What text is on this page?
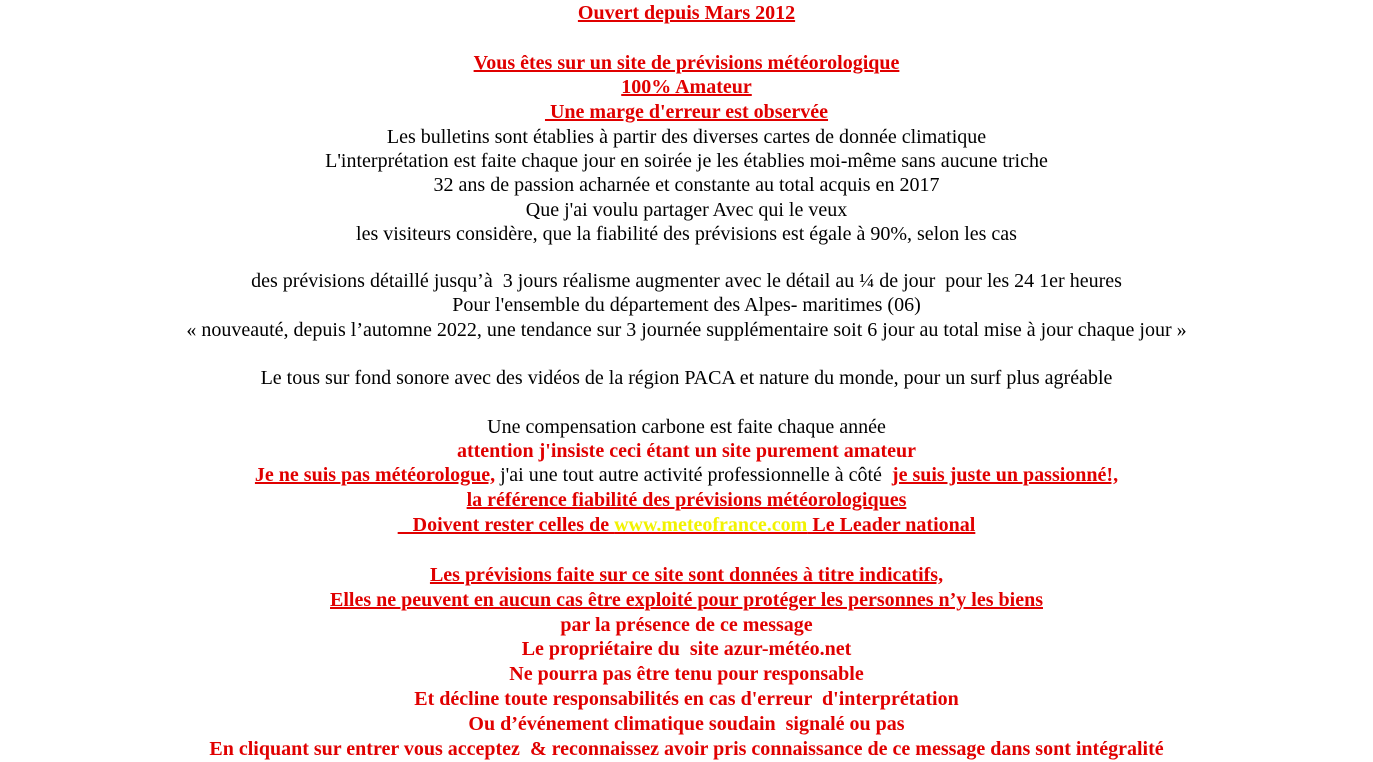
Ouvert depuis Mars 2012
Vous êtes sur un site de prévisions météorologique
100% Amateur
Une marge d'erreur est observée
Les bulletins sont établies à partir des diverses cartes de donnée climatique
L'interprétation est faite chaque jour en soirée je les établies moi-même sans aucune triche
32 ans de passion acharnée et constante au total acquis en 2017
Que j'ai voulu partager Avec qui le veux
les visiteurs considère, que la fiabilité des prévisions est égale à 90%, selon les cas
des prévisions détaillé jusqu’à  3 jours réalisme augmenter avec le détail au ¼ de jour  pour les 24 1er heures
Pour l'ensemble du département des Alpes- maritimes (06)
« nouveauté, depuis l’automne 2022, une tendance sur 3 journée supplémentaire soit 6 jour au total mise à jour chaque jour »
Le tous sur fond sonore avec des vidéos de la région PACA et nature du monde, pour un surf plus agréable
Une compensation carbone est faite chaque année
attention j'insiste ceci étant un site purement amateur
Je ne suis pas météorologue, j'ai une tout autre activité professionnelle à côté  je suis juste un passionné!,
la référence fiabilité des prévisions météorologiques
Doivent rester celles de www.meteofrance.com Le Leader national
Les prévisions faite sur ce site sont données à titre indicatifs,
Elles ne peuvent en aucun cas être exploité pour protéger les personnes n’y les biens
par la présence de ce message
Le propriétaire du  site azur-météo.net
Ne pourra pas être tenu pour responsable
Et décline toute responsabilités en cas d'erreur  d'interprétation
Ou d’événement climatique soudain  signalé ou pas
En cliquant sur entrer vous acceptez  & reconnaissez avoir pris connaissance de ce message dans sont intégralité
